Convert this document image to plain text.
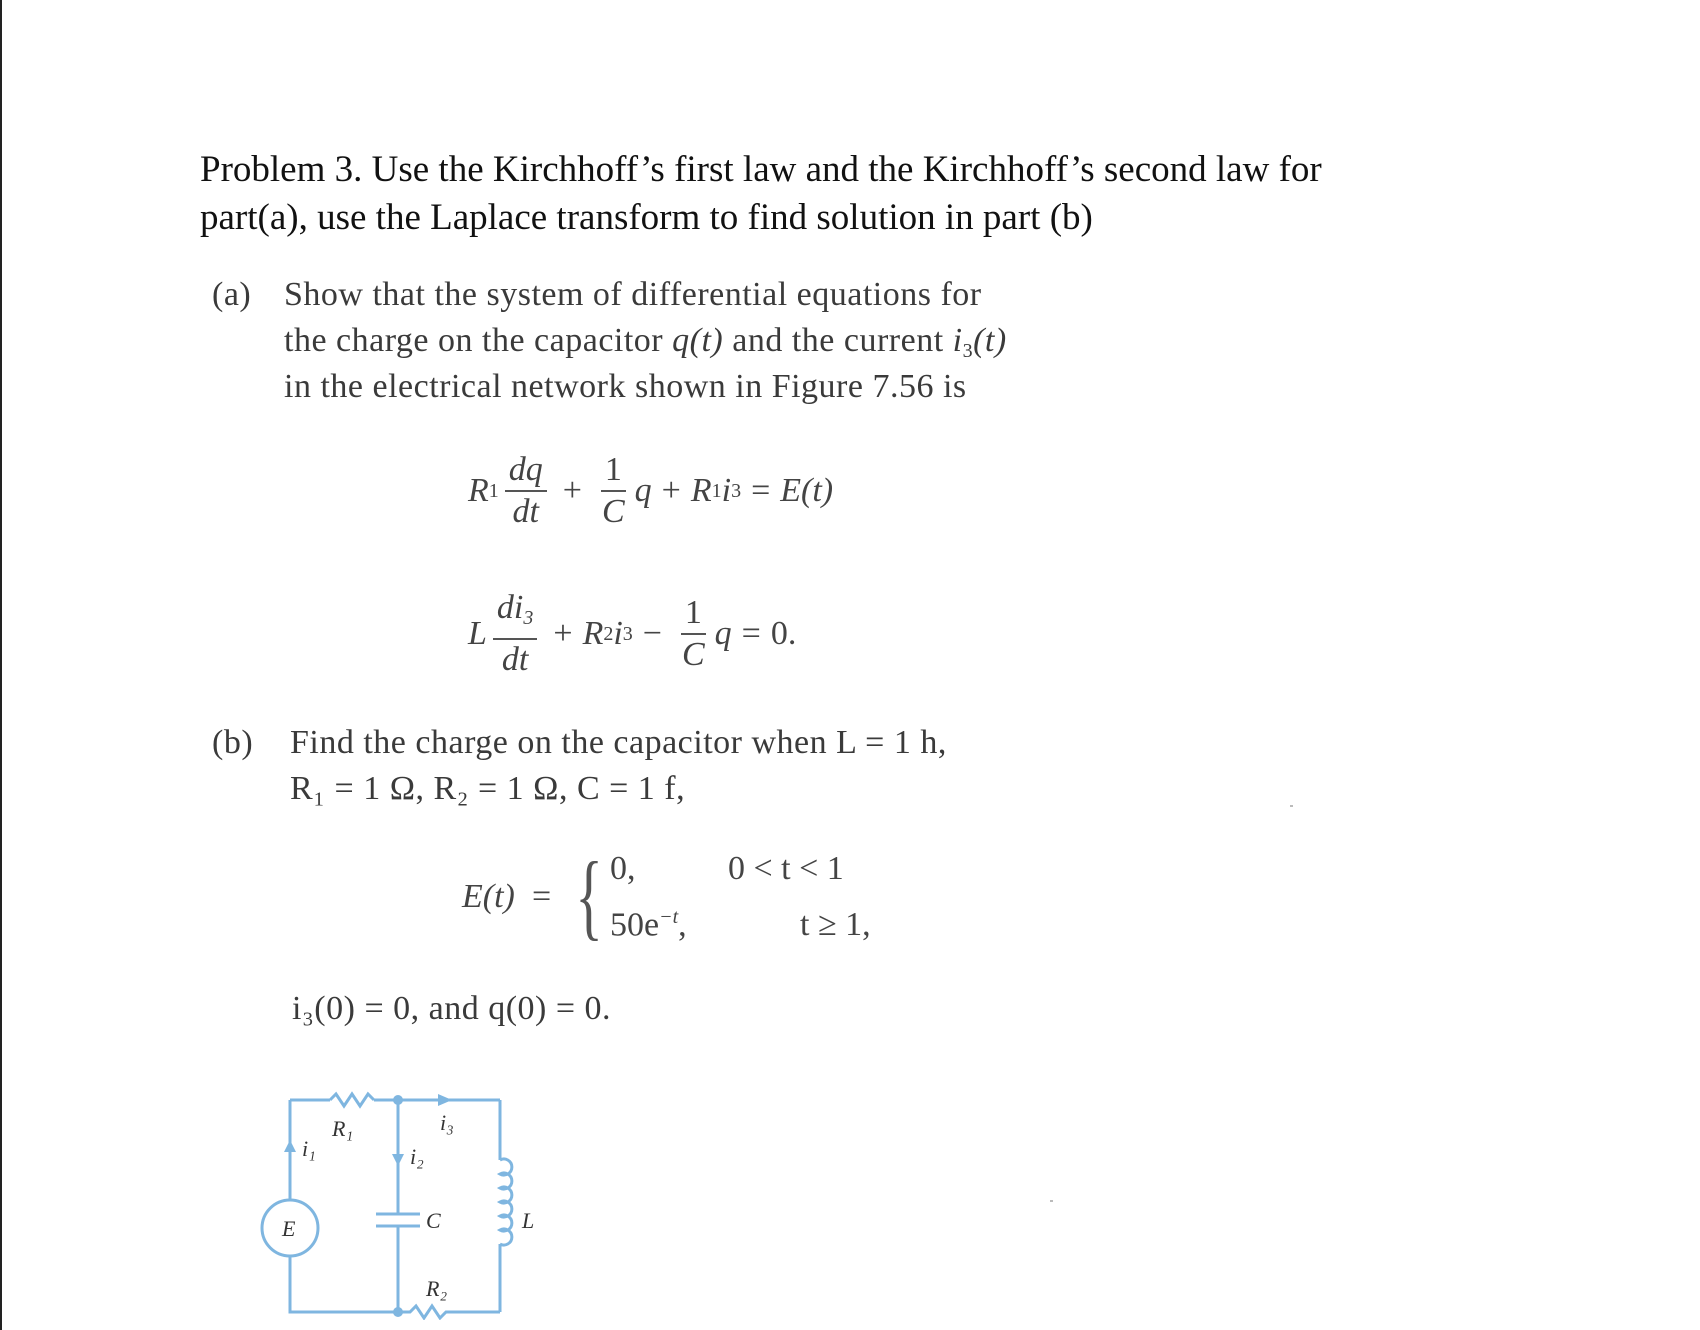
Problem 3. Use the Kirchhoff’s first law and the Kirchhoff’s second law for
part(a), use the Laplace transform to find solution in part (b)
(a) Show that the system of differential equations for
the charge on the capacitor q(t) and the current $i_3(t)$
in the electrical network shown in Figure 7.56 is
R $1 \frac{dq}{dt} + \frac{1}{C}$ q + R 1 i 3 = E(t)
L $\frac{di_3}{dt} + R$ 2 i $3 - \frac{1}{C}$ q = 0.
(b) Find the charge on the capacitor when L = 1 h,
R₁ = 1 Ω, R₂ = 1 Ω, C = 1 f,
E(t) = { 0,	0 < t < 1
$50e^{-t}$,	t ≥ 1,
i₃(0) = 0, and q(0) = 0.
R₁
i₁	i₂
i₃
E	C	L
R₂
